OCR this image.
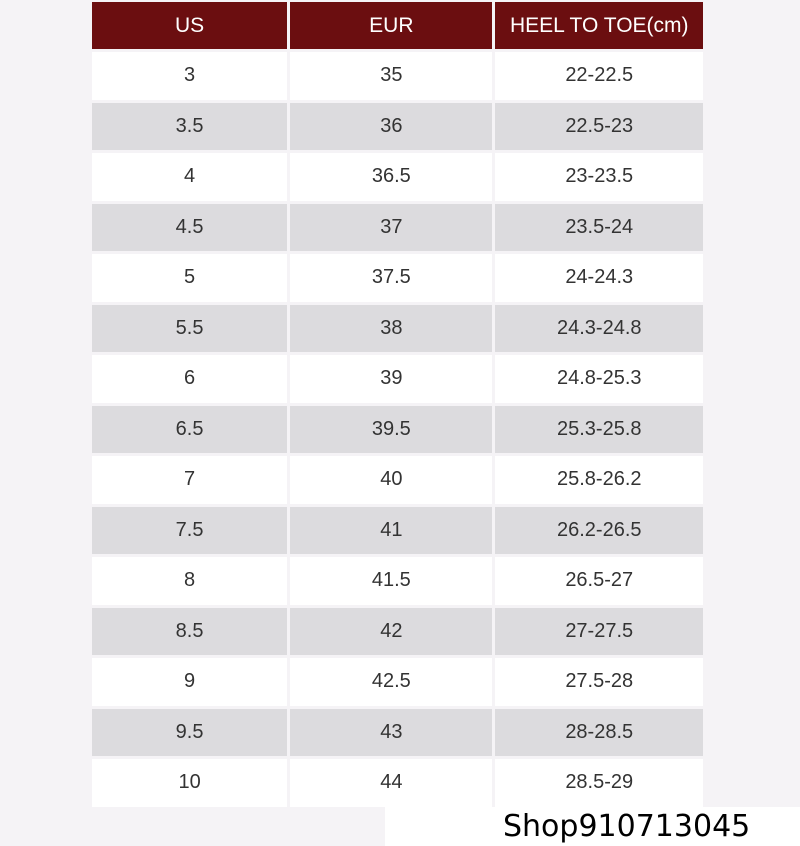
US	EUR	HEEL TO TOE(cm)
3	35	22-22.5
3.5	36	22.5-23
4	36.5	23-23.5
4.5	37	23.5-24
5	37.5	24-24.3
5.5	38	24.3-24.8
6	39	24.8-25.3
6.5	39.5	25.3-25.8
7	40	25.8-26.2
7.5	41	26.2-26.5
8	41.5	26.5-27
8.5	42	27-27.5
9	42.5	27.5-28
9.5	43	28-28.5
10	44	28.5-29
Shop910713045
